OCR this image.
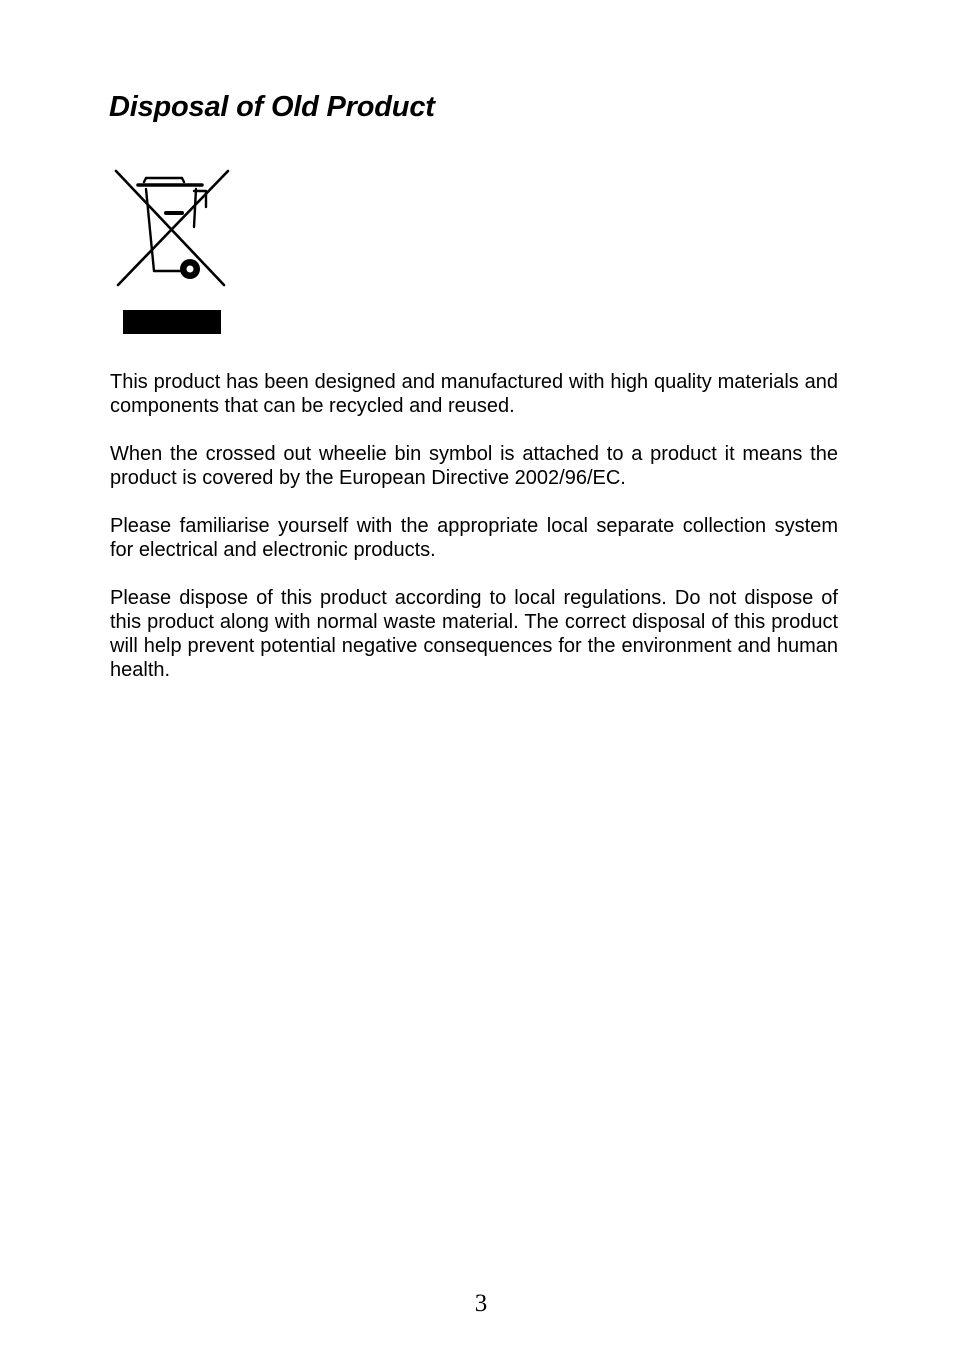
Disposal of Old Product

This product has been designed and manufactured with high quality materials and components that can be recycled and reused.

When the crossed out wheelie bin symbol is attached to a product it means the product is covered by the European Directive 2002/96/EC.

Please familiarise yourself with the appropriate local separate collection system for electrical and electronic products.

Please dispose of this product according to local regulations. Do not dispose of this product along with normal waste material. The correct disposal of this product will help prevent potential negative consequences for the environment and human health.

3
